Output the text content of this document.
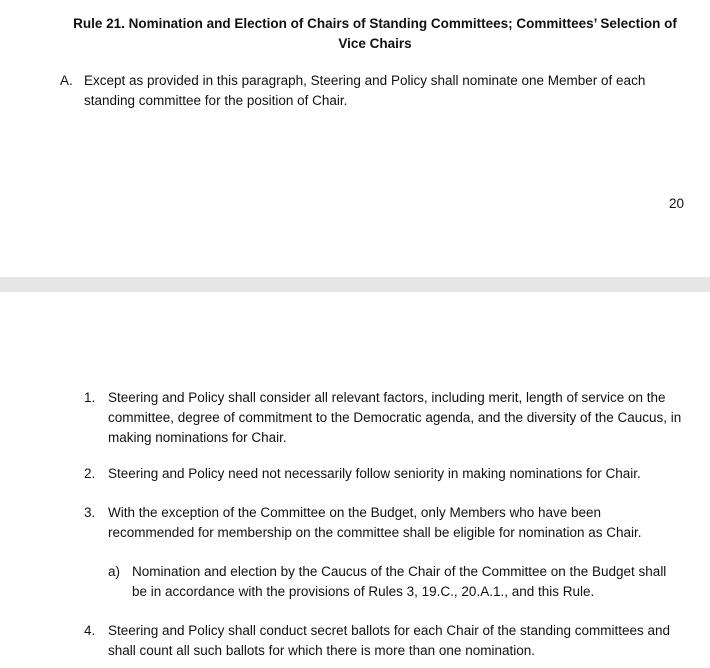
Rule 21. Nomination and Election of Chairs of Standing Committees; Committees’ Selection of Vice Chairs
A. Except as provided in this paragraph, Steering and Policy shall nominate one Member of each standing committee for the position of Chair.
20
1. Steering and Policy shall consider all relevant factors, including merit, length of service on the committee, degree of commitment to the Democratic agenda, and the diversity of the Caucus, in making nominations for Chair.
2. Steering and Policy need not necessarily follow seniority in making nominations for Chair.
3. With the exception of the Committee on the Budget, only Members who have been recommended for membership on the committee shall be eligible for nomination as Chair.
a) Nomination and election by the Caucus of the Chair of the Committee on the Budget shall be in accordance with the provisions of Rules 3, 19.C., 20.A.1., and this Rule.
4. Steering and Policy shall conduct secret ballots for each Chair of the standing committees and shall count all such ballots for which there is more than one nomination.
